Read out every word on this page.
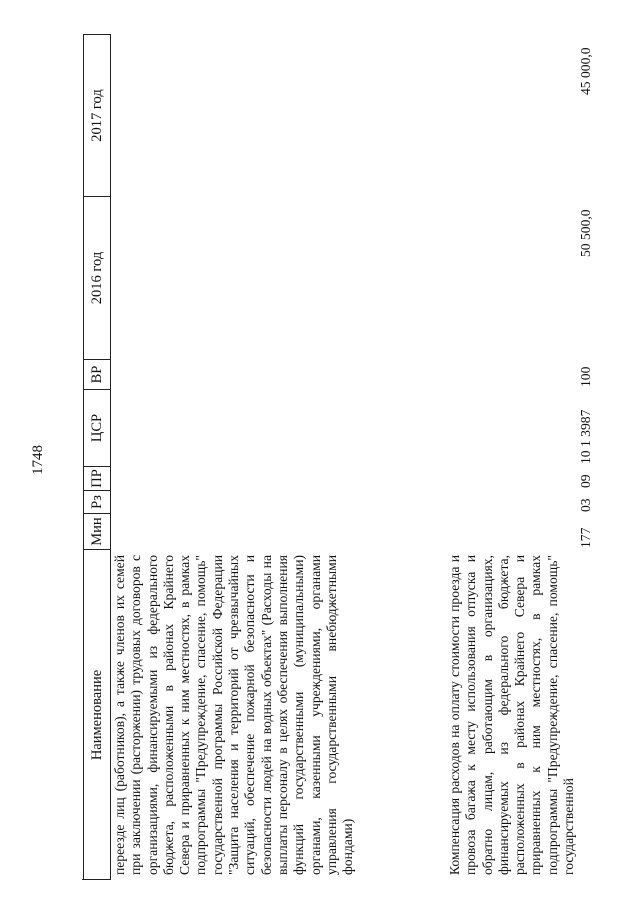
1748
Наименование
Мин
Рз
ПР
ЦСР
ВР
2016 год
2017 год

переезде лиц (работников), а также членов их семей при заключении (расторжении) трудовых договоров с организациями, финансируемыми из федерального бюджета, расположенными в районах Крайнего Севера и приравненных к ним местностях, в рамках подпрограммы "Предупреждение, спасение, помощь" государственной программы Российской Федерации "Защита населения и территорий от чрезвычайных ситуаций, обеспечение пожарной безопасности и безопасности людей на водных объектах" (Расходы на выплаты персоналу в целях обеспечения выполнения функций государственными (муниципальными) органами, казенными учреждениями, органами управления государственными внебюджетными фондами)	Компенсация расходов на оплату стоимости проезда и провоза багажа к месту использования отпуска и обратно лицам, работающим в организациях, финансируемых из федерального бюджета, расположенных в районах Крайнего Севера и приравненных к ним местностях, в рамках подпрограммы "Предупреждение, спасение, помощь" государственной

177
03
09
10 1 3987
100
50 500,0
45 000,0
